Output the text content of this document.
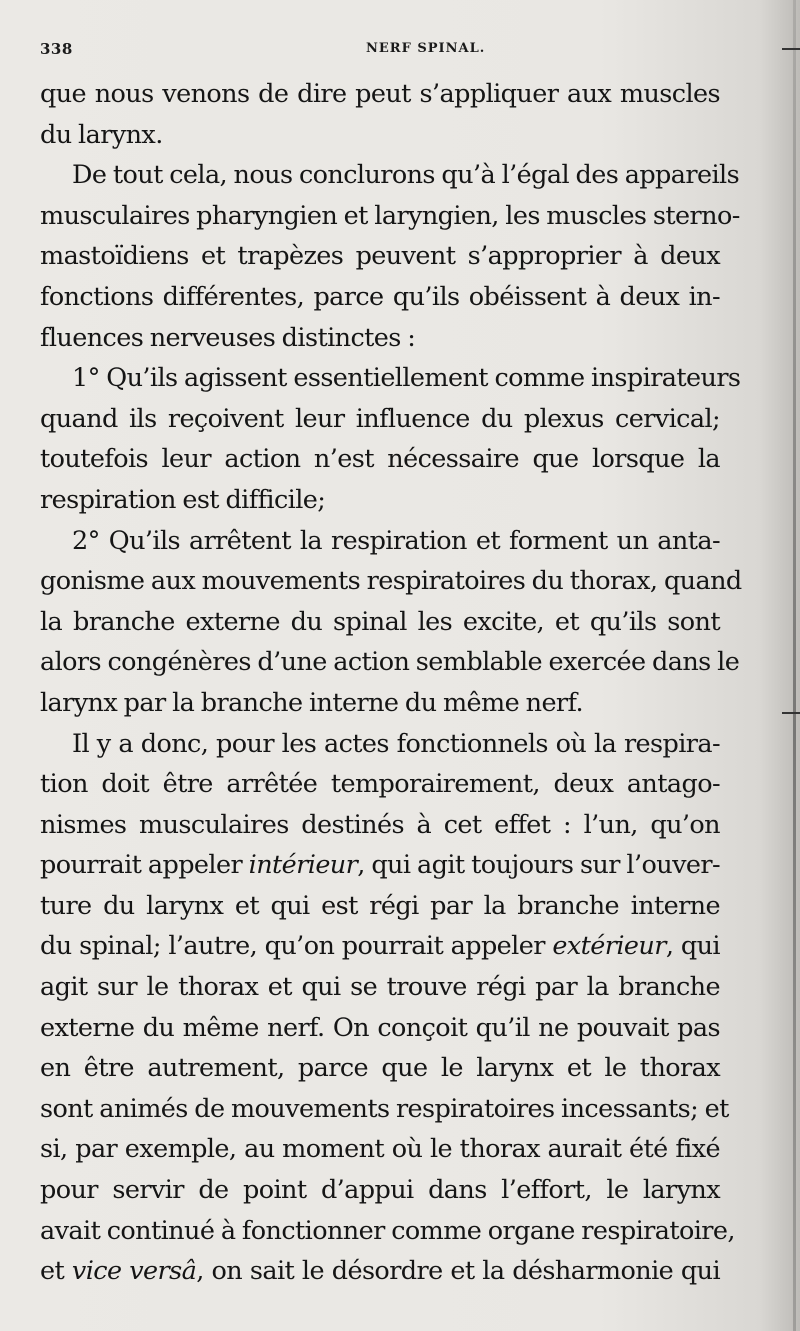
338	NERF SPINAL.
que nous venons de dire peut s’appliquer aux muscles
du larynx.
De tout cela, nous conclurons qu’à l’égal des appareils
musculaires pharyngien et laryngien, les muscles sterno-
mastoïdiens et trapèzes peuvent s’approprier à deux
fonctions différentes, parce qu’ils obéissent à deux in-
fluences nerveuses distinctes :
1° Qu’ils agissent essentiellement comme inspirateurs
quand ils reçoivent leur influence du plexus cervical;
toutefois leur action n’est nécessaire que lorsque la
respiration est difficile;
2° Qu’ils arrêtent la respiration et forment un anta-
gonisme aux mouvements respiratoires du thorax, quand
la branche externe du spinal les excite, et qu’ils sont
alors congénères d’une action semblable exercée dans le
larynx par la branche interne du même nerf.
Il y a donc, pour les actes fonctionnels où la respira-
tion doit être arrêtée temporairement, deux antago-
nismes musculaires destinés à cet effet : l’un, qu’on
pourrait appeler intérieur, qui agit toujours sur l’ouver-
ture du larynx et qui est régi par la branche interne
du spinal; l’autre, qu’on pourrait appeler extérieur, qui
agit sur le thorax et qui se trouve régi par la branche
externe du même nerf. On conçoit qu’il ne pouvait pas
en être autrement, parce que le larynx et le thorax
sont animés de mouvements respiratoires incessants; et
si, par exemple, au moment où le thorax aurait été fixé
pour servir de point d’appui dans l’effort, le larynx
avait continué à fonctionner comme organe respiratoire,
et vice versâ, on sait le désordre et la désharmonie qui
